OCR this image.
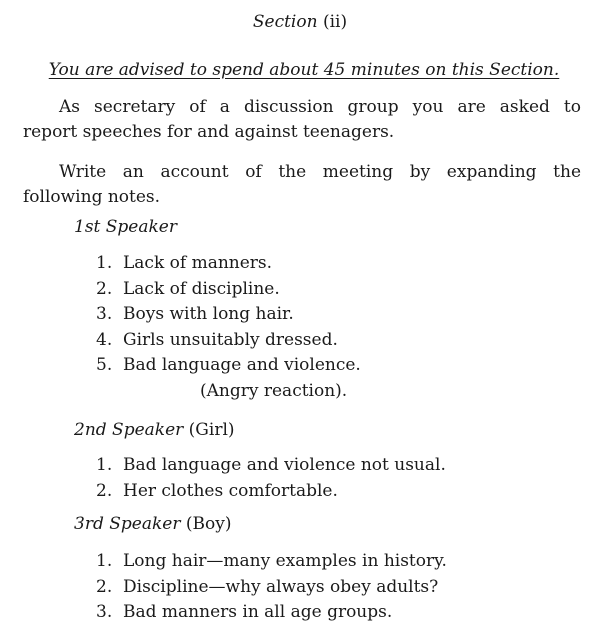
Section (ii)
You are advised to spend about 45 minutes on this Section.
As secretary of a discussion group you are asked to
report speeches for and against teenagers.
Write an account of the meeting by expanding the
following notes.
1st Speaker
1. Lack of manners.
2. Lack of discipline.
3. Boys with long hair.
4. Girls unsuitably dressed.
5. Bad language and violence.
(Angry reaction).
2nd Speaker (Girl)
1. Bad language and violence not usual.
2. Her clothes comfortable.
3rd Speaker (Boy)
1. Long hair—many examples in history.
2. Discipline—why always obey adults?
3. Bad manners in all age groups.
